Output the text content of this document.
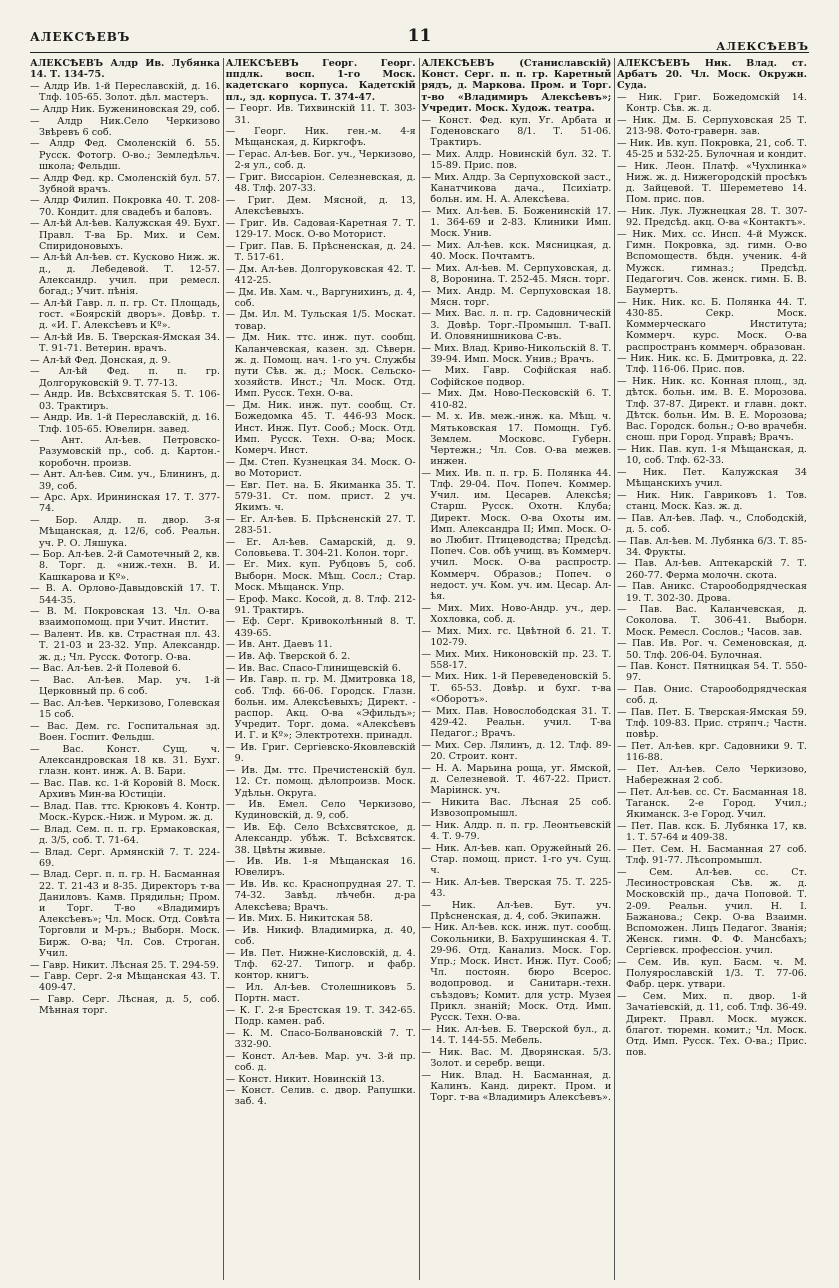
АЛЕКСѢЕВЪ	11
АЛЕКСѢЕВЪ

АЛЕКСѢЕВЪ Алдр Ив. Лубянка 14. Т. 134-75.

— Алдр Ив. 1-й Переславскiй, д. 16. Тлф. 105-65. Золот. дѣл. мастеръ.

— Алдр Ник. Бужениновская 29, соб.

— Алдр Ник.Село Черкизово Звѣревъ 6 соб.

— Алдр Фед. Смоленскiй б. 55. Русск. Фотогр. О-во.; Земледѣльч. школа; Фельдш.

— Алдр Фед. кр. Смоленскiй бул. 57. Зубной врачъ.

— Алдр Филип. Покровка 40. Т. 208-70. Кондит. для свадебъ и баловъ.

— Ал-ѣй Ал-ѣев. Калужская 49. Бухг. Правл. Т-ва Бр. Мих. и Сем. Спиридоновыхъ.

— Ал-ѣй Ал-ѣев. ст. Кусково Ниж. ж. д., д. Лебедевой. Т. 12-57. Александр. учил. при ремесл. богад.; Учит. пѣнiя.

— Ал-ѣй Гавр. л. п. гр. Ст. Площадь, гост. «Боярскiй дворъ». Довѣр. т. д. «И. Г. Алексѣевъ и Кº».

— Ал-ѣй Ив. Б. Тверская-Ямская 34. Т. 91-71. Ветерин. врачъ.

— Ал-ѣй Фед. Донская, д. 9.

— Ал-ѣй Фед. п. п. гр. Долгоруковскiй 9. Т. 77-13.

— Андр. Ив. Всѣхсвятская 5. Т. 106-03. Трактиръ.

— Андр. Ив. 1-й Переславскiй, д. 16. Тлф. 105-65. Ювелирн. завед.

— Ант. Ал-ѣев. Петровско-Разумовскiй пр., соб. д. Картон.-коробочн. произв.

— Ант. Ал-ѣев. Сим. уч., Блининъ, д. 39, соб.

— Арс. Арх. Ирининская 17. Т. 377-74.

— Бор. Алдр. п. двор. 3-я Мѣщанская, д. 12/6, соб. Реальн. уч. Р. О. Ляшука.

— Бор. Ал-ѣев. 2-й Самотечный 2, кв. 8. Торг. д. «ниж.-техн. В. И. Кашкарова и Кº».

— В. А. Орлово-Давыдовскiй 17. Т. 544-35.

— В. М. Покровская 13. Чл. О-ва взаимопомощ. при Учит. Инстит.

— Валент. Ив. кв. Страстная пл. 43. Т. 21-03 и 23-32. Упр. Александр. ж. д.; Чл. Русск. Фотогр. О-ва.

— Вас. Ал-ѣев. 2-й Полевой 6.

— Вас. Ал-ѣев. Мар. уч. 1-й Церковный пр. 6 соб.

— Вас. Ал-ѣев. Черкизово, Голевская 15 соб.

— Вас. Дем. гс. Госпитальная зд. Воен. Госпит. Фельдш.

— Вас. Конст. Сущ. ч. Александровская 18 кв. 31. Бухг. глазн. конт. инж. А. В. Бари.

— Вас. Пав. кс. 1-й Коровiй 8. Моск. Архивъ Мин-ва Юстицiи.

— Влад. Пав. ттс. Крюковъ 4. Контр. Моск.-Курск.-Ниж. и Муром. ж. д.

— Влад. Сем. п. п. гр. Ермаковская, д. 3/5, соб. Т. 71-64.

— Влад. Серг. Армянскiй 7. Т. 224-69.

— Влад. Серг. п. п. гр. Н. Басманная 22. Т. 21-43 и 8-35. Директоръ т-ва Даниловъ. Камв. Прядильн; Пром. и Торг. Т-во «Владимиръ Алексѣевъ»; Чл. Моск. Отд. Совѣта Торговли и М-ръ.; Выборн. Моск. Бирж. О-ва; Чл. Сов. Строган. Учил.

— Гавр. Никит. Лѣсная 25. Т. 294-59.

— Гавр. Серг. 2-я Мѣщанская 43. Т. 409-47.

— Гавр. Серг. Лѣсная, д. 5, соб. Мѣнная торг.

АЛЕКСѢЕВЪ Георг. Георг. ппдлк. восп. 1-го Моск. кадетскаго корпуса. Кадетскiй пл., зд. корпуса. Т. 374-47.

— Георг. Ив. Тихвинскiй 11. Т. 303-31.

— Георг. Ник. ген.-м. 4-я Мѣщанская, д. Киркгофъ.

— Герас. Ал-ѣев. Бог. уч., Черкизово, 2-я ул., соб. д.

— Григ. Виссарiон. Селезневская, д. 48. Тлф. 207-33.

— Григ. Дем. Мясной, д. 13, Алексѣевыхъ.

— Григ. Ив. Садовая-Каретная 7. Т. 129-17. Моск. О-во Моторист.

— Григ. Пав. Б. Прѣсненская, д. 24. Т. 517-61.

— Дм. Ал-ѣев. Долгоруковская 42. Т. 412-25.

— Дм. Ив. Хам. ч., Варгунихинъ, д. 4, соб.

— Дм. Ил. М. Тульская 1/5. Москат. товар.

— Дм. Ник. ттс. инж. пут. сообщ. Каланчевская, казен. зд. Сѣверн. ж. д. Помощ. нач. 1-го уч. Службы пути Сѣв. ж. д.; Моск. Сельско-хозяйств. Инст.; Чл. Моск. Отд. Имп. Русск. Техн. О-ва.

— Дм. Ник. инж. пут. сообщ. Ст. Божедомка 45. Т. 446-93 Моск. Инст. Инж. Пут. Сооб.; Моск. Отд. Имп. Русск. Техн. О-ва; Моск. Комерч. Инст.

— Дм. Степ. Кузнецкая 34. Моск. О-во Моторист.

— Евг. Пет. на. Б. Якиманка 35. Т. 579-31. Ст. пом. прист. 2 уч. Якимъ. ч.

— Ег. Ал-ѣев. Б. Прѣсненскiй 27. Т. 283-51.

— Ег. Ал-ѣев. Самарскiй, д. 9. Соловьева. Т. 304-21. Колон. торг.

— Ег. Мих. куп. Рубцовъ 5, соб. Выборн. Моск. Мѣщ. Сосл.; Стар. Моск. Мѣщанск. Упр.

— Ероф. Макс. Косой, д. 8. Тлф. 212-91. Трактиръ.

— Еф. Серг. Кривоколѣнный 8. Т. 439-65.

— Ив. Ант. Даевъ 11.

— Ив. Аф. Тверской б. 2.

— Ив. Вас. Спасо-Глинищевскiй 6.

— Ив. Гавр. п. гр. М. Дмитровка 18, соб. Тлф. 66-06. Городск. Глазн. больн. им. Алексѣевыхъ; Директ. - распор. Акц. О-ва «Эфильдъ»; Учредит. Торг. дома. «Алексѣевъ И. Г. и Кº»; Электротехн. принадл.

— Ив. Григ. Сергiевско-Яковлевскiй 9.

— Ив. Дм. ттс. Пречистенскiй бул. 12. Ст. помощ. дѣлопроизв. Моск. Удѣльн. Округа.

— Ив. Емел. Село Черкизово, Кудиновскiй, д. 9, соб.

— Ив. Еф. Село Всѣхсвятское, д. Александр. убѣж. Т. Всѣхсвятск. 38. Цвѣты живые.

— Ив. Ив. 1-я Мѣщанская 16. Ювелиръ.

— Ив. Ив. кс. Краснопрудная 27. Т. 74-32. Завѣд. лѣчебн. д-ра Алексѣева; Врачъ.

— Ив. Мих. Б. Никитская 58.

— Ив. Никиф. Владимирка, д. 40, соб.

— Ив. Пет. Нижне-Кисловскiй, д. 4. Тлф. 62-27. Типогр. и фабр. контор. книгъ.

— Ил. Ал-ѣев. Столешниковъ 5. Портн. маст.

— К. Г. 2-я Брестская 19. Т. 342-65. Подр. камен. раб.

— К. М. Спасо-Болвановскiй 7. Т. 332-90.

— Конст. Ал-ѣев. Мар. уч. 3-й пр. соб. д.

— Конст. Никит. Новинскiй 13.

— Конст. Селив. с. двор. Рапушки. заб. 4.

АЛЕКСѢЕВЪ (Станиславскiй) Конст. Серг. п. п. гр. Каретный рядъ, д. Маркова. Пром. и Торг. т-во «Владимиръ Алексѣевъ»; Учредит. Моск. Худож. театра.

— Конст. Фед. куп. Уг. Арбата и Годеновскаго 8/1. Т. 51-06. Трактиръ.

— Мих. Алдр. Новинскiй бул. 32. Т. 15-89. Прис. пов.

— Мих. Алдр. За Серпуховской заст., Канатчикова дача., Психiатр. больн. им. Н. А. Алексѣева.

— Мих. Ал-ѣев. Б. Боженинскiй 17. 1. 364-69 и 2-83. Клиники Имп. Моск. Унив.

— Мих. Ал-ѣев. кск. Мясницкая, д. 40. Моск. Почтамтъ.

— Мих. Ал-ѣев. М. Серпуховская, д. 8, Воронина. Т. 252-45. Мясн. торг.

— Мих. Андр. М. Серпуховская 18. Мясн. торг.

— Мих. Вас. л. п. гр. Садовническiй 3. Довѣр. Торг.-Промышл. Т-ваП. И. Оловянишникова С-въ.

— Мих. Влад. Криво-Никольскiй 8. Т. 39-94. Имп. Моск. Унив.; Врачъ.

— Мих. Гавр. Софiйская наб. Софiйское подвор.

— Мих. Дм. Ново-Песковскiй 6. Т. 410-82.

— М. х. Ив. меж.-инж. ка. Мѣщ. ч. Мятьковская 17. Помощн. Губ. Землем. Московс. Губерн. Чертежн.; Чл. Сов. О-ва межев. инжен.

— Мих. Ив. п. п. гр. Б. Полянка 44. Тлф. 29-04. Поч. Попеч. Коммер. Учил. им. Цесарев. Алексѣя; Старш. Русск. Охотн. Клуба; Директ. Моск. О-ва Охоты им. Имп. Александра II; Имп. Моск. О-во Любит. Птицеводства; Предсѣд. Попеч. Сов. обѣ учищ. въ Коммерч. учил. Моск. О-ва распростр. Коммерч. Образов.; Попеч. о недост. уч. Ком. уч. им. Цесар. Ал-ѣя.

— Мих. Мих. Ново-Андр. уч., дер. Хохловка, соб. д.

— Мих. Мих. гс. Цвѣтной б. 21. Т. 102-79.

— Мих. Мих. Никоновскiй пр. 23. Т. 558-17.

— Мих. Ник. 1-й Переведеновскiй 5. Т. 65-53. Довѣр. и бухг. т-ва «Оборотъ».

— Мих. Пав. Новослободская 31. Т. 429-42. Реальн. учил. Т-ва Педагог.; Врачъ.

— Мих. Сер. Лялинъ, д. 12. Тлф. 89-20. Строит. конт.

— Н. А. Марьина роща, уг. Ямской, д. Селезневой. Т. 467-22. Прист. Марiинск. уч.

— Никита Вас. Лѣсная 25 соб. Извозопромышл.

— Ник. Алдр. п. п. гр. Леонтьевскiй 4. Т. 9-79.

— Ник. Ал-ѣев. кап. Оружейный 26. Стар. помощ. прист. 1-го уч. Сущ. ч.

— Ник. Ал-ѣев. Тверская 75. Т. 225-43.

— Ник. Ал-ѣев. Бут. уч. Прѣсненская, д. 4, соб. Экипажн.

— Ник. Ал-ѣев. кск. инж. пут. сообщ. Сокольники, В. Бахрушинская 4. Т. 29-96. Отд. Канализ. Моск. Гор. Упр.; Моск. Инст. Инж. Пут. Сооб; Чл. постоян. бюро Всерос. водопровод. и Санитарн.-техн. съѣздовъ; Комит. для устр. Музея Прикл. знанiй; Моск. Отд. Имп. Русск. Техн. О-ва.

— Ник. Ал-ѣев. Б. Тверской бул., д. 14. Т. 144-55. Мебель.

— Ник. Вас. М. Дворянская. 5/3. Золот. и серебр. вещи.

— Ник. Влад. Н. Басманная, д. Калинъ. Канд. директ. Пром. и Торг. т-ва «Владимиръ Алексѣевъ».

АЛЕКСѢЕВЪ Ник. Влад. ст. Арбатъ 20. Чл. Моск. Окружн. Суда.

— Ник. Григ. Божедомскiй 14. Контр. Сѣв. ж. д.

— Ник. Дм. Б. Серпуховская 25 Т. 213-98. Фото-граверн. зав.

— Ник. Ив. куп. Покровка, 21, соб. Т. 45-25 и 532-25. Булочная и кондит.

— Ник. Леон. Платф. «Чухлинка» Ниж. ж. д. Нижегородскiй просѣкъ д. Зайцевой. Т. Шереметево 14. Пом. прис. пов.

— Ник. Лук. Лужнецкая 28. Т. 307-92. Предсѣд. акц. О-ва «Контактъ».

— Ник. Мих. сс. Инсп. 4-й Мужск. Гимн. Покровка, зд. гимн. О-во Вспомоществ. бѣдн. ученик. 4-й Мужск. гимназ.; Предсѣд. Педагогич. Сов. женск. гимн. Б. В. Баумертъ.

— Ник. Ник. кс. Б. Полянка 44. Т. 430-85. Секр. Моск. Коммерческаго Института; Коммерч. курс. Моск. О-ва распространъ коммерч. образован.

— Ник. Ник. кс. Б. Дмитровка, д. 22. Тлф. 116-06. Прис. пов.

— Ник. Ник. кс. Конная площ., зд. дѣтск. больн. им. В. Е. Морозова. Тлф. 37-87. Директ. и главн. докт. Дѣтск. больн. Им. В. Е. Морозова; Вас. Городск. больн.; О-во врачебн. снош. при Город. Управѣ; Врачъ.

— Ник. Пав. куп. 1-я Мѣщанская, д. 10, соб. Тлф. 62-33.

— Ник. Пет. Калужская 34 Мѣщанскихъ учил.

— Ник. Ник. Гавриковъ 1. Тов. станц. Моск. Каз. ж. д.

— Пав. Ал-ѣев. Лаф. ч., Слободскiй, д. 5. соб.

— Пав. Ал-ѣев. М. Лубянка 6/3. Т. 85-34. Фрукты.

— Пав. Ал-ѣев. Аптекарскiй 7. Т. 260-77. Ферма молочн. скота.

— Пав. Аникс. Староободрядческая 19. Т. 302-30. Дрова.

— Пав. Вас. Каланчевская, д. Соколова. Т. 306-41. Выборн. Моск. Ремесл. Сослов.; Часов. зав.

— Пав. Ив. Рог. ч. Семеновская, д. 50. Тлф. 206-04. Булочная.

— Пав. Конст. Пятницкая 54. Т. 550-97.

— Пав. Онис. Староободрядческая соб. д.

— Пав. Пет. Б. Тверская-Ямская 59. Тлф. 109-83. Прис. стряпч.; Частн. повѣр.

— Пет. Ал-ѣев. крг. Садовники 9. Т. 116-88.

— Пет. Ал-ѣев. Село Черкизово, Набережная 2 соб.

— Пет. Ал-ѣев. сс. Ст. Басманная 18. Таганск. 2-е Город. Учил.; Якиманск. 3-е Город. Учил.

— Пет. Пав. кск. Б. Лубянка 17, кв. 1. Т. 57-64 и 409-38.

— Пет. Сем. Н. Басманная 27 соб. Тлф. 91-77. Лѣсопромышл.

— Сем. Ал-ѣев. сс. Ст. Лесиностровская Сѣв. ж. д. Московскiй пр., дача Поповой. Т. 2-09. Реальн. учил. Н. I. Бажанова.; Секр. О-ва Взаимн. Вспоможен. Лицъ Педагог. Званiя; Женск. гимн. Ф. Ф. Мансбахъ; Сергiевск. профессiон. учил.

— Сем. Ив. куп. Басм. ч. М. Полуярославскiй 1/3. Т. 77-06. Фабр. церк. утвари.

— Сем. Мих. п. двор. 1-й Зачатiевскiй, д. 11, соб. Тлф. 36-49. Директ. Правл. Моск. мужск. благот. тюремн. комит.; Чл. Моск. Отд. Имп. Русск. Тех. О-ва.; Прис. пов.
